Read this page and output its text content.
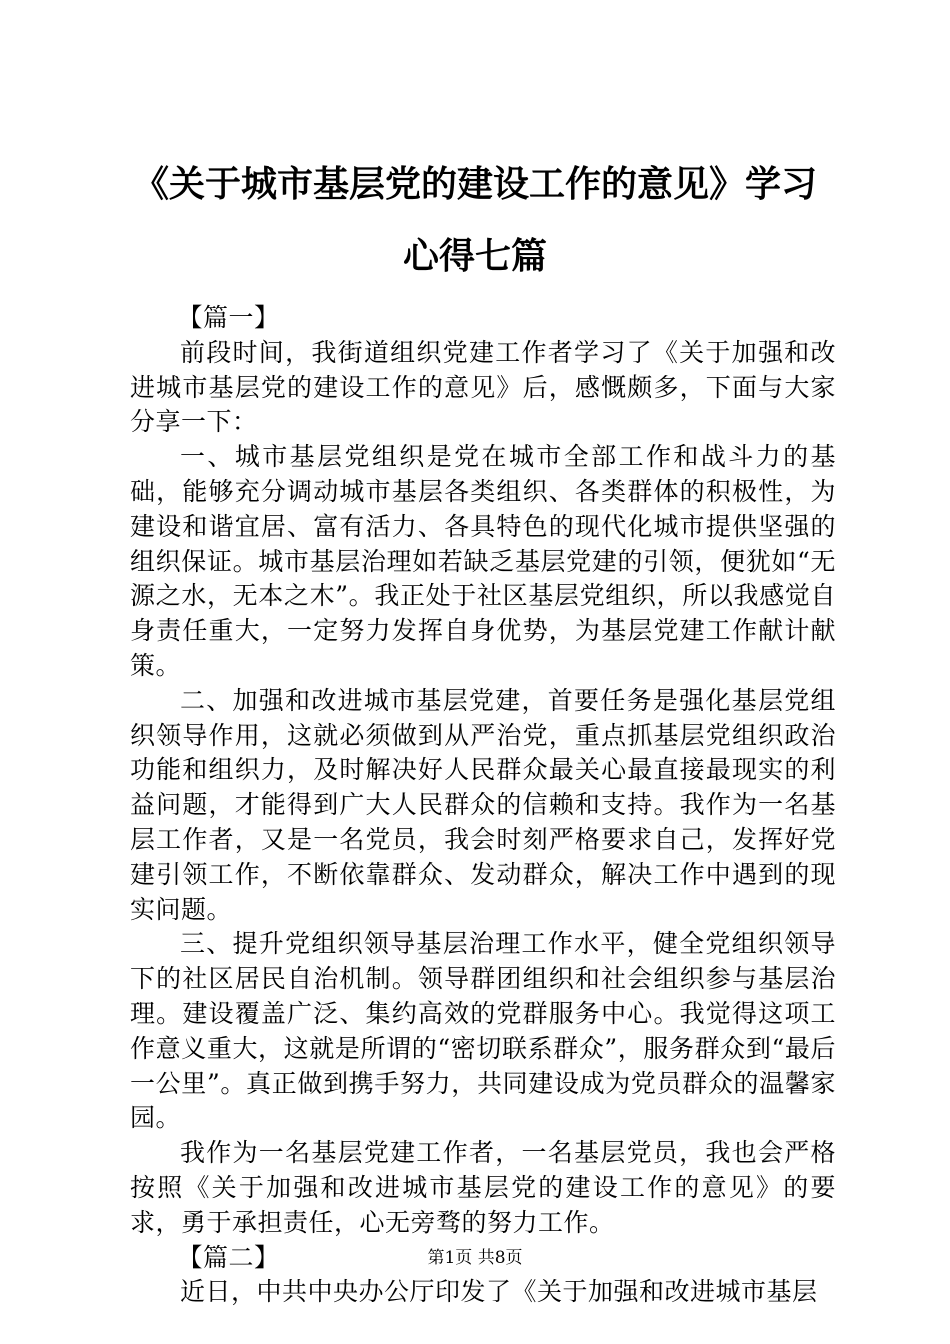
《关于城市基层党的建设工作的意见》学习心得七篇

【篇一】

前段时间，我街道组织党建工作者学习了《关于加强和改进城市基层党的建设工作的意见》后，感慨颇多，下面与大家分享一下：

一、城市基层党组织是党在城市全部工作和战斗力的基础，能够充分调动城市基层各类组织、各类群体的积极性，为建设和谐宜居、富有活力、各具特色的现代化城市提供坚强的组织保证。城市基层治理如若缺乏基层党建的引领，便犹如“无源之水，无本之木”。我正处于社区基层党组织，所以我感觉自身责任重大，一定努力发挥自身优势，为基层党建工作献计献策。

二、加强和改进城市基层党建，首要任务是强化基层党组织领导作用，这就必须做到从严治党，重点抓基层党组织政治功能和组织力，及时解决好人民群众最关心最直接最现实的利益问题，才能得到广大人民群众的信赖和支持。我作为一名基层工作者，又是一名党员，我会时刻严格要求自己，发挥好党建引领工作，不断依靠群众、发动群众，解决工作中遇到的现实问题。

三、提升党组织领导基层治理工作水平，健全党组织领导下的社区居民自治机制。领导群团组织和社会组织参与基层治理。建设覆盖广泛、集约高效的党群服务中心。我觉得这项工作意义重大，这就是所谓的“密切联系群众”，服务群众到“最后一公里”。真正做到携手努力，共同建设成为党员群众的温馨家园。

我作为一名基层党建工作者，一名基层党员，我也会严格按照《关于加强和改进城市基层党的建设工作的意见》的要求，勇于承担责任，心无旁骛的努力工作。

【篇二】

近日，中共中央办公厅印发了《关于加强和改进城市基层

第1页 共8页
